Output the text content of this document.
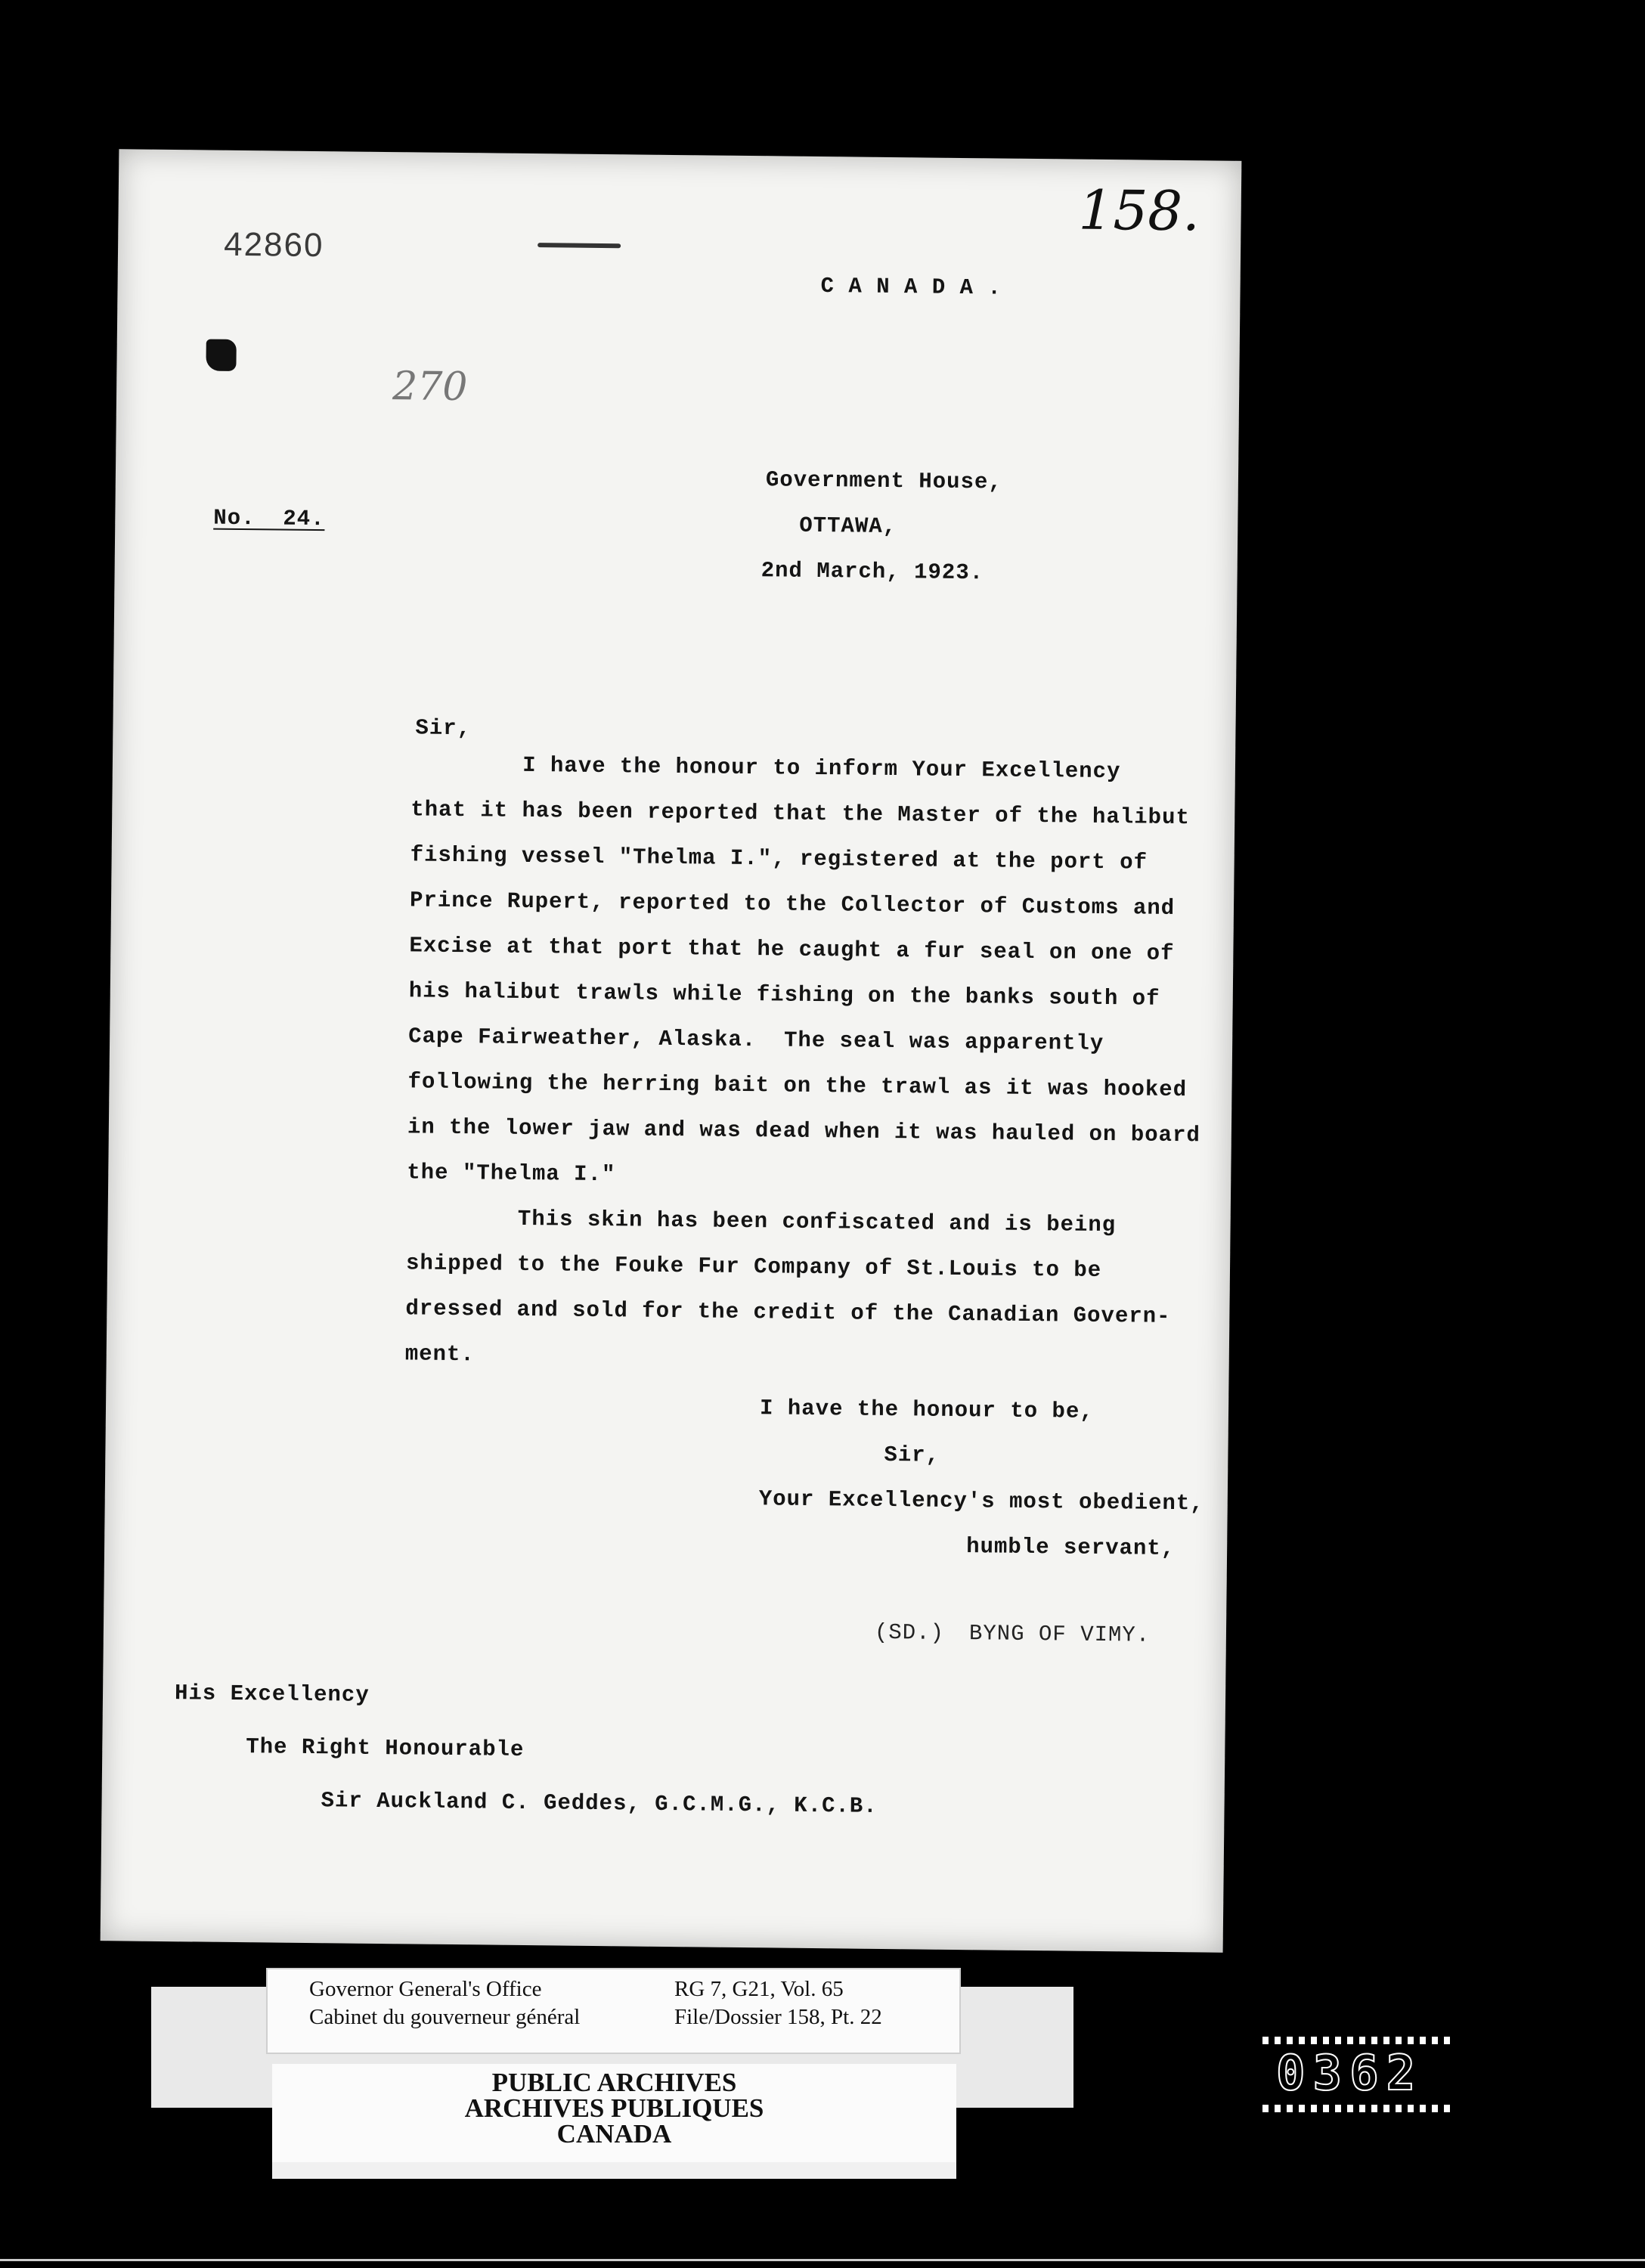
42860
158.
270
C A N A D A .
No.  24.
Government House,
OTTAWA,
2nd March, 1923.
Sir,
I have the honour to inform Your Excellency
that it has been reported that the Master of the halibut
fishing vessel "Thelma I.", registered at the port of
Prince Rupert, reported to the Collector of Customs and
Excise at that port that he caught a fur seal on one of
his halibut trawls while fishing on the banks south of
Cape Fairweather, Alaska.  The seal was apparently
following the herring bait on the trawl as it was hooked
in the lower jaw and was dead when it was hauled on board
the "Thelma I."
This skin has been confiscated and is being
shipped to the Fouke Fur Company of St.Louis to be
dressed and sold for the credit of the Canadian Govern-
ment.
I have the honour to be,
Sir,
Your Excellency's most obedient,
humble servant,
(SD.) BYNG OF VIMY.
His Excellency
The Right Honourable
Sir Auckland C. Geddes, G.C.M.G., K.C.B.
Governor General's Office
Cabinet du gouverneur général
RG 7, G21, Vol. 65
File/Dossier 158, Pt. 22
PUBLIC ARCHIVES
ARCHIVES PUBLIQUES
CANADA
0362
